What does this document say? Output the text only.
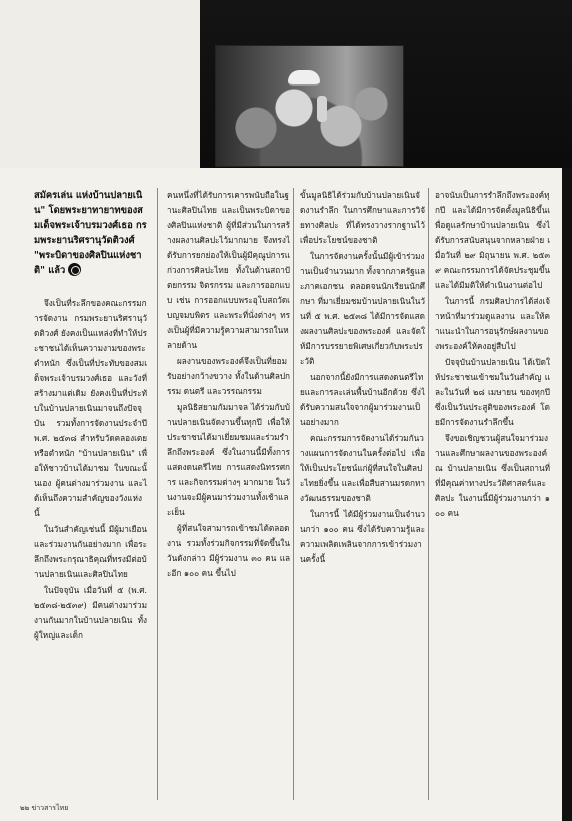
สมัครเล่น แห่งบ้านปลายเนิน" โดยพระยาทายาทของสมเด็จพระเจ้าบรมวงศ์เธอ กรมพระยานริศรานุวัดติวงศ์ "พระบิดาของศิลปินแห่งชาติ" แล้ว

จึงเป็นที่ระลึกของคณะกรรมการจัดงาน กรมพระยานริศรานุวัดติวงศ์ ยังคงเป็นแหล่งที่ทำให้ประชาชนได้เห็นความงามของพระตำหนัก ซึ่งเป็นที่ประทับของสมเด็จพระเจ้าบรมวงศ์เธอ และวังที่สร้างมาแต่เดิม ยังคงเป็นที่ประทับในบ้านปลายเนินมาจนถึงปัจจุบัน รวมทั้งการจัดงานประจำปี พ.ศ. ๒๕๓๘ สำหรับวัดคลองเตย หรือตำหนัก "บ้านปลายเนิน" เพื่อให้ชาวบ้านได้มาชม ในขณะนั้นเอง ผู้คนต่างมาร่วมงาน และได้เห็นถึงความสำคัญของวังแห่งนี้

ในวันสำคัญเช่นนี้ มีผู้มาเยือนและร่วมงานกันอย่างมาก เพื่อระลึกถึงพระกรุณาธิคุณที่ทรงมีต่อบ้านปลายเนินและศิลปินไทย

ในปัจจุบัน เมื่อวันที่ ๕ (พ.ศ. ๒๕๓๘-๒๕๓๙) มีคนต่างมาร่วมงานกันมากในบ้านปลายเนิน ทั้งผู้ใหญ่และเด็ก

คนหนึ่งที่ได้รับการเคารพนับถือในฐานะศิลปินไทย และเป็นพระบิดาของศิลปินแห่งชาติ ผู้ที่มีส่วนในการสร้างผลงานศิลปะไว้มากมาย จึงทรงได้รับการยกย่องให้เป็นผู้มีคุณูปการแก่วงการศิลปะไทย ทั้งในด้านสถาปัตยกรรม จิตรกรรม และการออกแบบ เช่น การออกแบบพระอุโบสถวัดเบญจมบพิตร และพระที่นั่งต่างๆ ทรงเป็นผู้ที่มีความรู้ความสามารถในหลายด้าน

ผลงานของพระองค์จึงเป็นที่ยอมรับอย่างกว้างขวาง ทั้งในด้านศิลปกรรม ดนตรี และวรรณกรรม

มูลนิธิสยามกัมมาจล ได้ร่วมกับบ้านปลายเนินจัดงานขึ้นทุกปี เพื่อให้ประชาชนได้มาเยี่ยมชมและร่วมรำลึกถึงพระองค์ ซึ่งในงานนี้มีทั้งการแสดงดนตรีไทย การแสดงนิทรรศการ และกิจกรรมต่างๆ มากมาย ในวันงานจะมีผู้คนมาร่วมงานทั้งเช้าและเย็น

ผู้ที่สนใจสามารถเข้าชมได้ตลอดงาน รวมทั้งร่วมกิจกรรมที่จัดขึ้นในวันดังกล่าว มีผู้ร่วมงาน ๓๐ คน และอีก ๑๐๐ คน ขึ้นไป

ขั้นมูลนิธิได้ร่วมกับบ้านปลายเนินจัดงานรำลึก ในการศึกษาและการวิจัยทางศิลปะ ที่ได้ทรงวางรากฐานไว้ เพื่อประโยชน์ของชาติ

ในการจัดงานครั้งนั้นมีผู้เข้าร่วมงานเป็นจำนวนมาก ทั้งจากภาครัฐและภาคเอกชน ตลอดจนนักเรียนนักศึกษา ที่มาเยี่ยมชมบ้านปลายเนินในวันที่ ๕ พ.ศ. ๒๕๓๘ ได้มีการจัดแสดงผลงานศิลปะของพระองค์ และจัดให้มีการบรรยายพิเศษเกี่ยวกับพระประวัติ

นอกจากนี้ยังมีการแสดงดนตรีไทยและการละเล่นพื้นบ้านอีกด้วย ซึ่งได้รับความสนใจจากผู้มาร่วมงานเป็นอย่างมาก

คณะกรรมการจัดงานได้ร่วมกันวางแผนการจัดงานในครั้งต่อไป เพื่อให้เป็นประโยชน์แก่ผู้ที่สนใจในศิลปะไทยยิ่งขึ้น และเพื่อสืบสานมรดกทางวัฒนธรรมของชาติ

ในการนี้ ได้มีผู้ร่วมงานเป็นจำนวนกว่า ๑๐๐ คน ซึ่งได้รับความรู้และความเพลิดเพลินจากการเข้าร่วมงานครั้งนี้

อาจนับเป็นการรำลึกถึงพระองค์ทุกปี และได้มีการจัดตั้งมูลนิธิขึ้นเพื่อดูแลรักษาบ้านปลายเนิน ซึ่งได้รับการสนับสนุนจากหลายฝ่าย เมื่อวันที่ ๒๙ มิถุนายน พ.ศ. ๒๕๓๙ คณะกรรมการได้จัดประชุมขึ้น และได้มีมติให้ดำเนินงานต่อไป

ในการนี้ กรมศิลปากรได้ส่งเจ้าหน้าที่มาร่วมดูแลงาน และให้คำแนะนำในการอนุรักษ์ผลงานของพระองค์ให้คงอยู่สืบไป

ปัจจุบันบ้านปลายเนิน ได้เปิดให้ประชาชนเข้าชมในวันสำคัญ และในวันที่ ๒๘ เมษายน ของทุกปี ซึ่งเป็นวันประสูติของพระองค์ โดยมีการจัดงานรำลึกขึ้น

จึงขอเชิญชวนผู้สนใจมาร่วมงานและศึกษาผลงานของพระองค์ ณ บ้านปลายเนิน ซึ่งเป็นสถานที่ที่มีคุณค่าทางประวัติศาสตร์และศิลปะ ในงานนี้มีผู้ร่วมงานกว่า ๑๐๐ คน

๒๒ ข่าวสารไทย
